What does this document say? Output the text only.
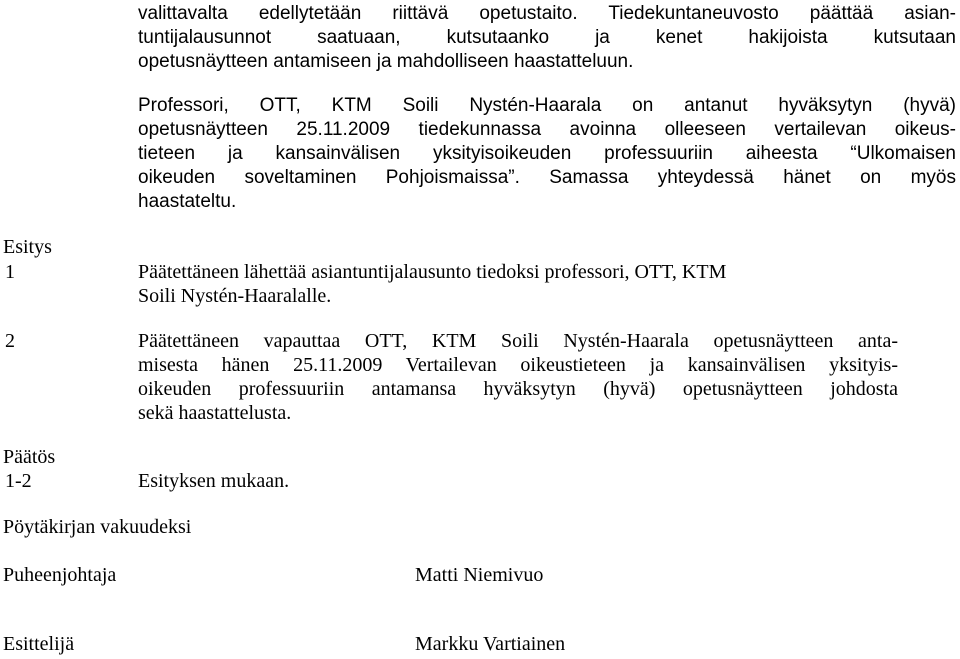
valittavalta edellytetään riittävä opetustaito. Tiedekuntaneuvosto päättää asian-
tuntijalausunnot saatuaan, kutsutaanko ja kenet hakijoista kutsutaan
opetusnäytteen antamiseen ja mahdolliseen haastatteluun.
Professori, OTT, KTM Soili Nystén-Haarala on antanut hyväksytyn (hyvä)
opetusnäytteen 25.11.2009 tiedekunnassa avoinna olleeseen vertailevan oikeus-
tieteen ja kansainvälisen yksityisoikeuden professuuriin aiheesta “Ulkomaisen
oikeuden soveltaminen Pohjoismaissa”. Samassa yhteydessä hänet on myös
haastateltu.

Esitys

1	Päätettäneen lähettää asiantuntijalausunto tiedoksi professori, OTT, KTM
Soili Nystén-Haaralalle.

2	Päätettäneen vapauttaa OTT, KTM Soili Nystén-Haarala opetusnäytteen anta-
misesta hänen 25.11.2009 Vertailevan oikeustieteen ja kansainvälisen yksityis-
oikeuden professuuriin antamansa hyväksytyn (hyvä) opetusnäytteen johdosta
sekä haastattelusta.

Päätös

1-2	Esityksen mukaan.

Pöytäkirjan vakuudeksi

Puheenjohtaja	Matti Niemivuo

Esittelijä	Markku Vartiainen
